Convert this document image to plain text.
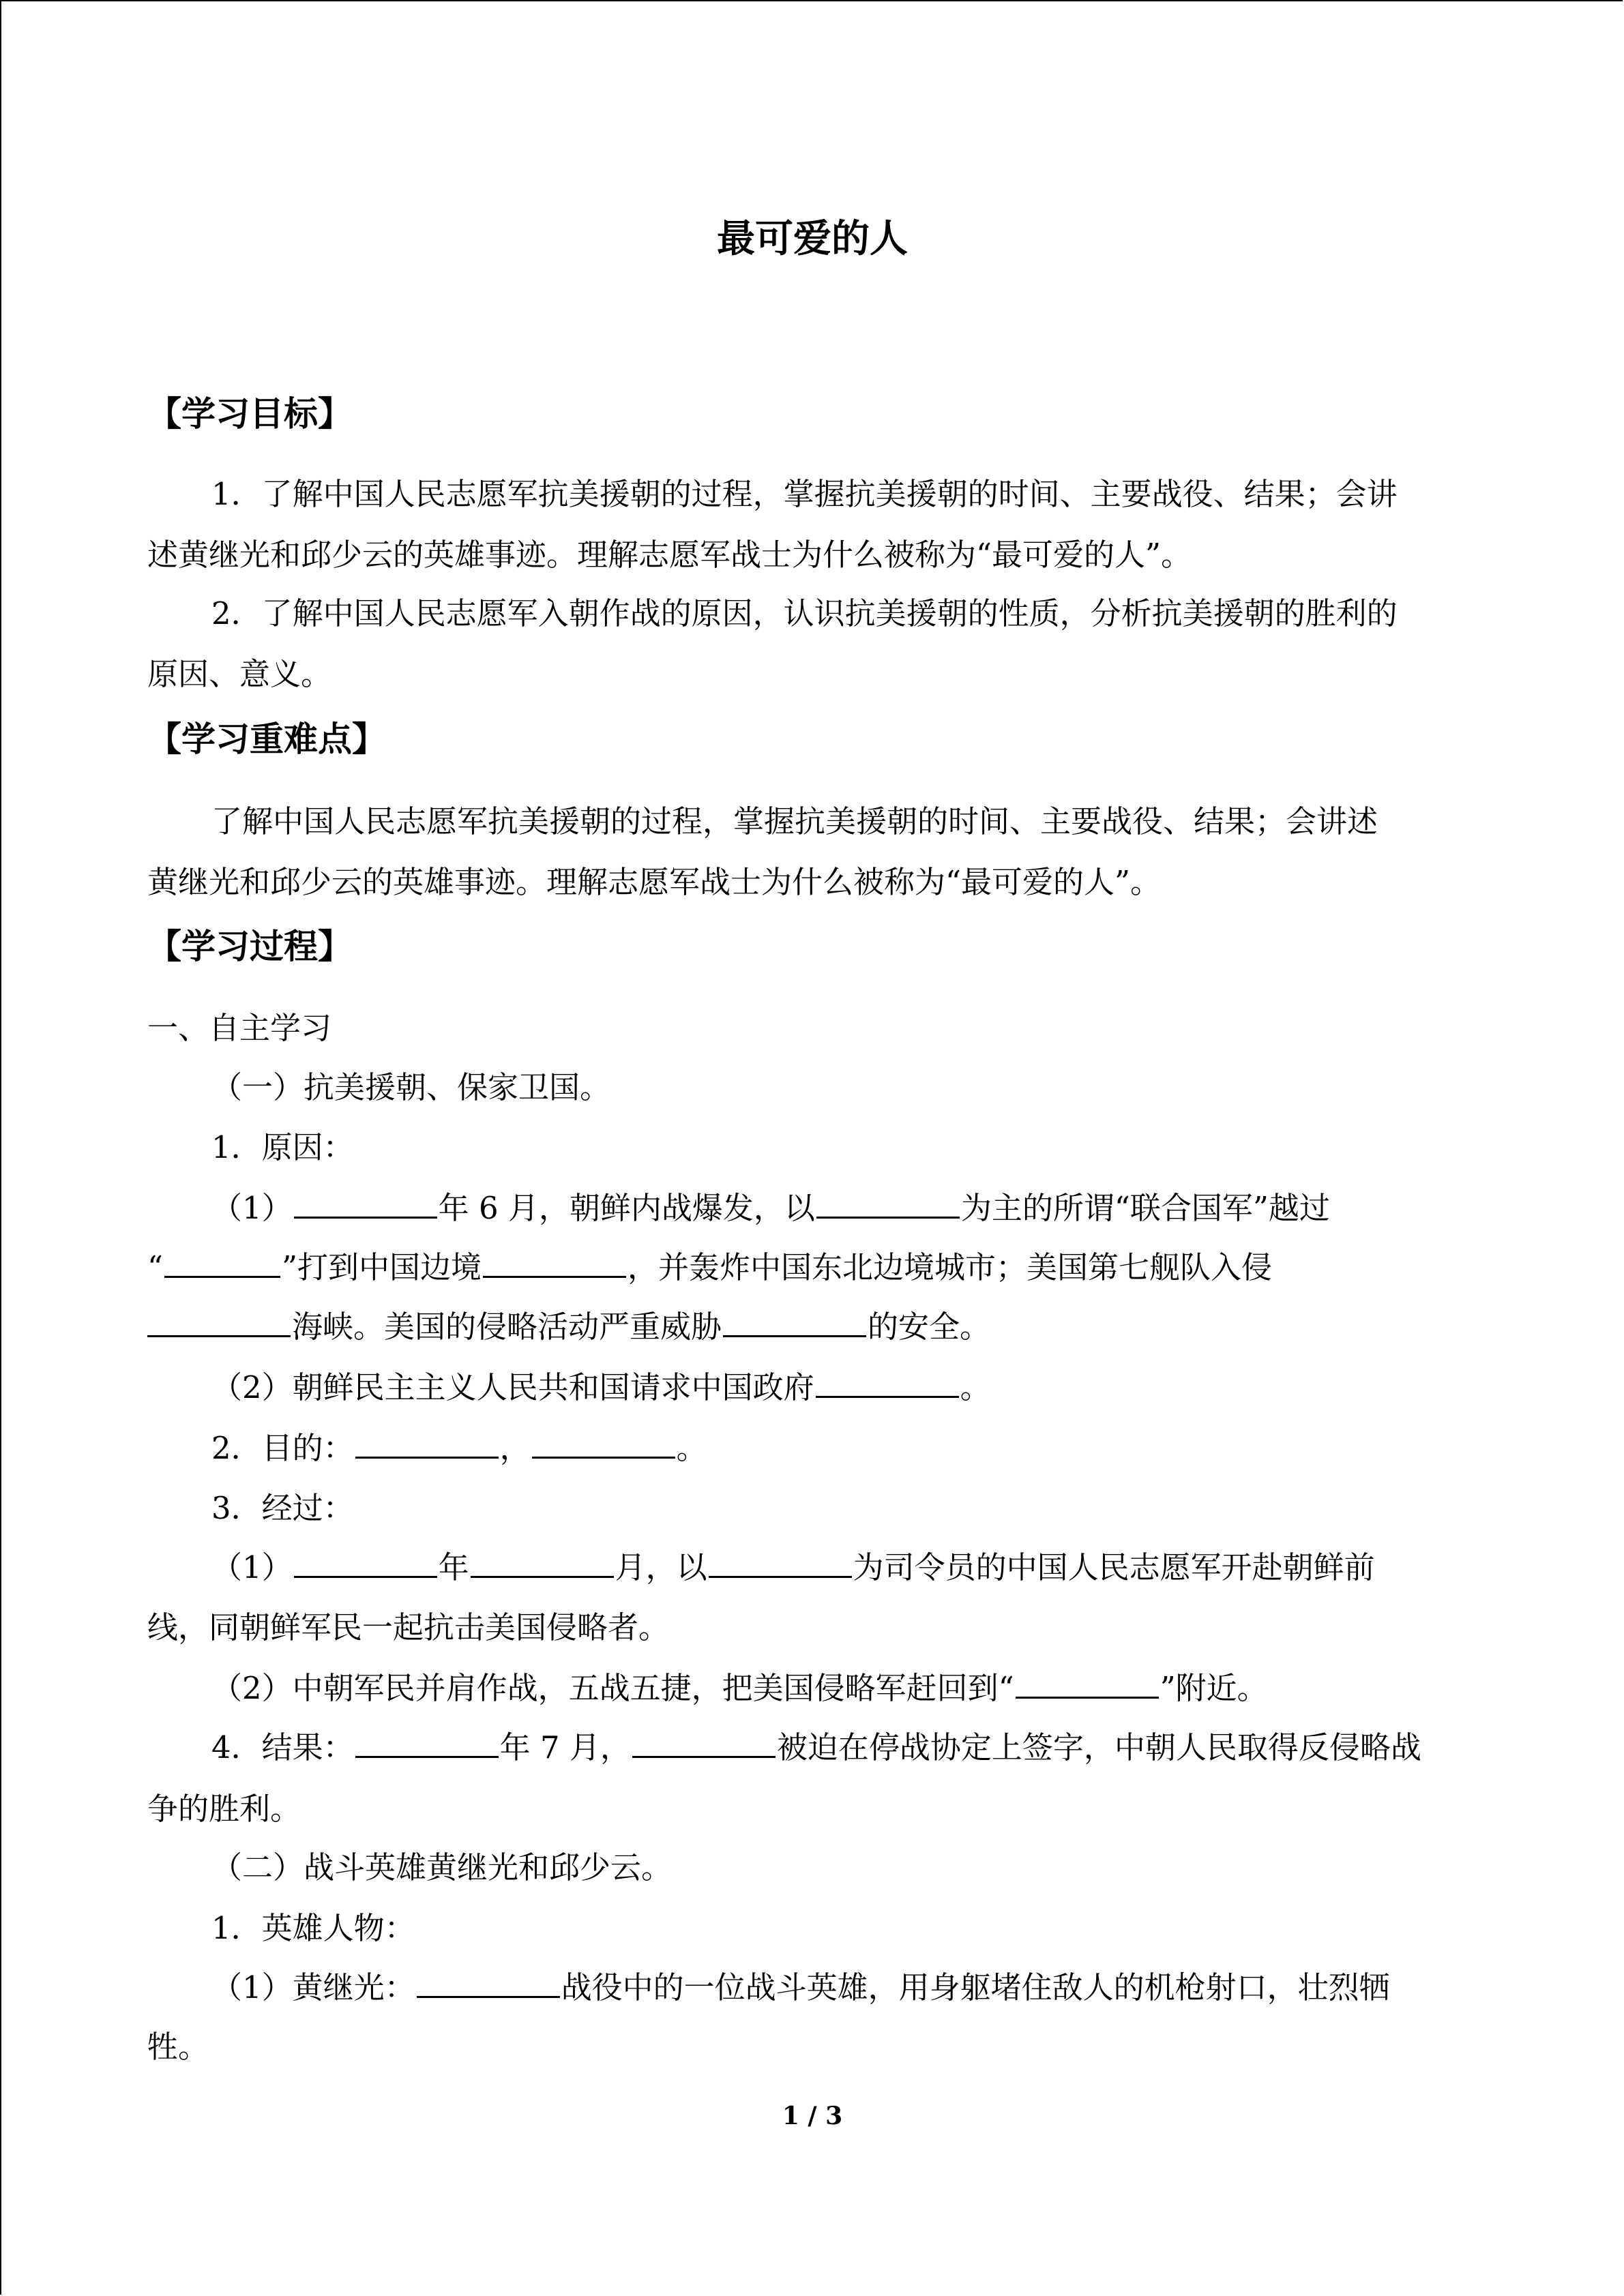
最可爱的人
【学习目标】
1．了解中国人民志愿军抗美援朝的过程，掌握抗美援朝的时间、主要战役、结果；会讲
述黄继光和邱少云的英雄事迹。理解志愿军战士为什么被称为“最可爱的人”。
2．了解中国人民志愿军入朝作战的原因，认识抗美援朝的性质，分析抗美援朝的胜利的
原因、意义。
【学习重难点】
了解中国人民志愿军抗美援朝的过程，掌握抗美援朝的时间、主要战役、结果；会讲述
黄继光和邱少云的英雄事迹。理解志愿军战士为什么被称为“最可爱的人”。
【学习过程】
一、自主学习
（一）抗美援朝、保家卫国。
1．原因：
（1）	年 6 月，朝鲜内战爆发，以	为主的所谓“联合国军”越过
“	”打到中国边境	，并轰炸中国东北边境城市；美国第七舰队入侵
海峡。美国的侵略活动严重威胁	的安全。
（2）朝鲜民主主义人民共和国请求中国政府	。
2．目的：	，	。
3．经过：
（1）	年	月，以	为司令员的中国人民志愿军开赴朝鲜前
线，同朝鲜军民一起抗击美国侵略者。
（2）中朝军民并肩作战，五战五捷，把美国侵略军赶回到“	”附近。
4．结果：	年 7 月，	被迫在停战协定上签字，中朝人民取得反侵略战
争的胜利。
（二）战斗英雄黄继光和邱少云。
1．英雄人物：
（1）黄继光：	战役中的一位战斗英雄，用身躯堵住敌人的机枪射口，壮烈牺
牲。
1 / 3
